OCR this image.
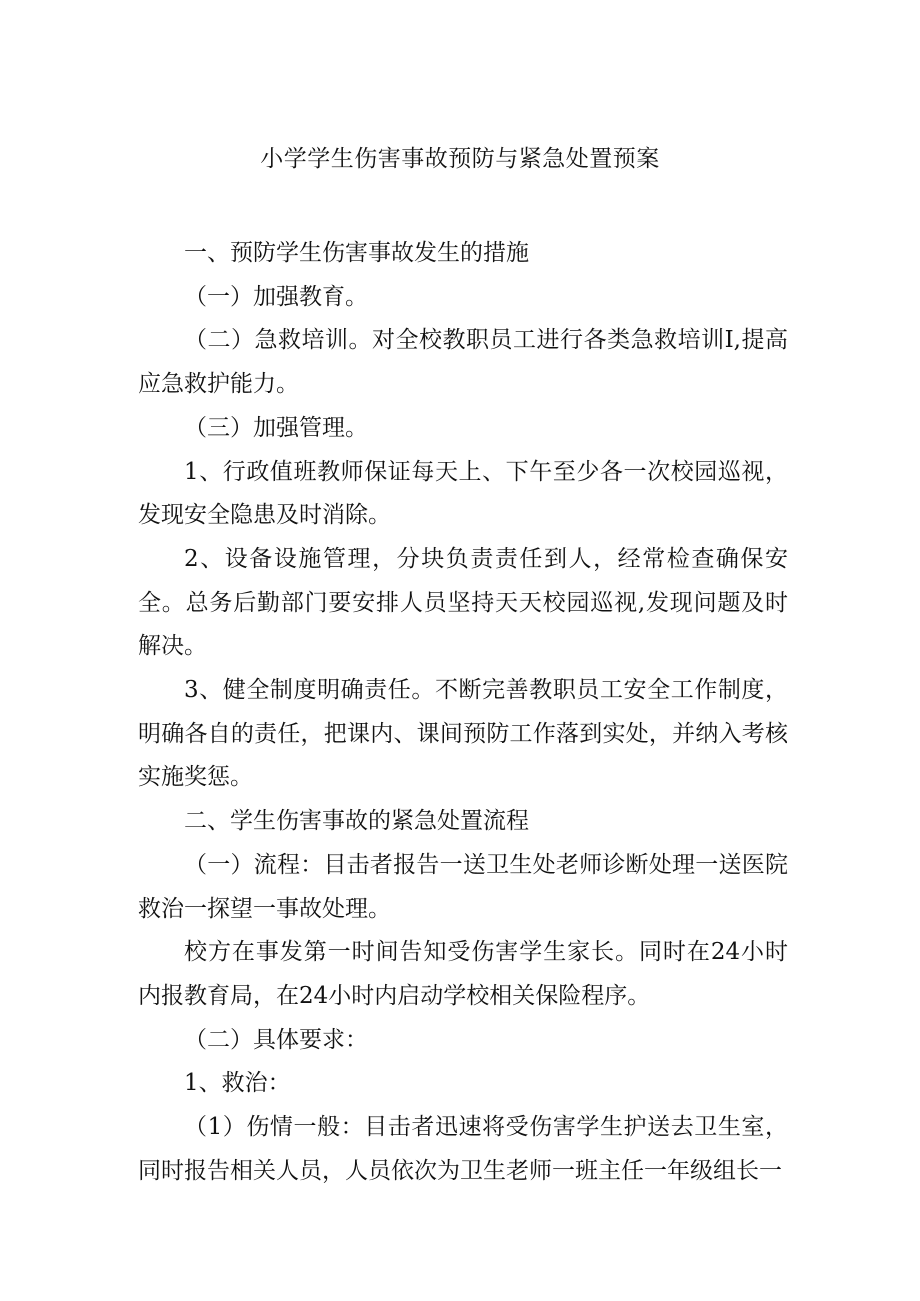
小学学生伤害事故预防与紧急处置预案

一、预防学生伤害事故发生的措施

（一）加强教育。

（二）急救培训。对全校教职员工进行各类急救培训I,提高应急救护能力。

（三）加强管理。

1、行政值班教师保证每天上、下午至少各一次校园巡视，发现安全隐患及时消除。

2、设备设施管理，分块负责责任到人，经常检查确保安全。总务后勤部门要安排人员坚持天天校园巡视,发现问题及时解决。

3、健全制度明确责任。不断完善教职员工安全工作制度，明确各自的责任，把课内、课间预防工作落到实处，并纳入考核实施奖惩。

二、学生伤害事故的紧急处置流程

（一）流程：目击者报告一送卫生处老师诊断处理一送医院救治一探望一事故处理。

校方在事发第一时间告知受伤害学生家长。同时在24小时内报教育局，在24小时内启动学校相关保险程序。

（二）具体要求：

1、救治：

（1）伤情一般：目击者迅速将受伤害学生护送去卫生室，同时报告相关人员，人员依次为卫生老师一班主任一年级组长一
